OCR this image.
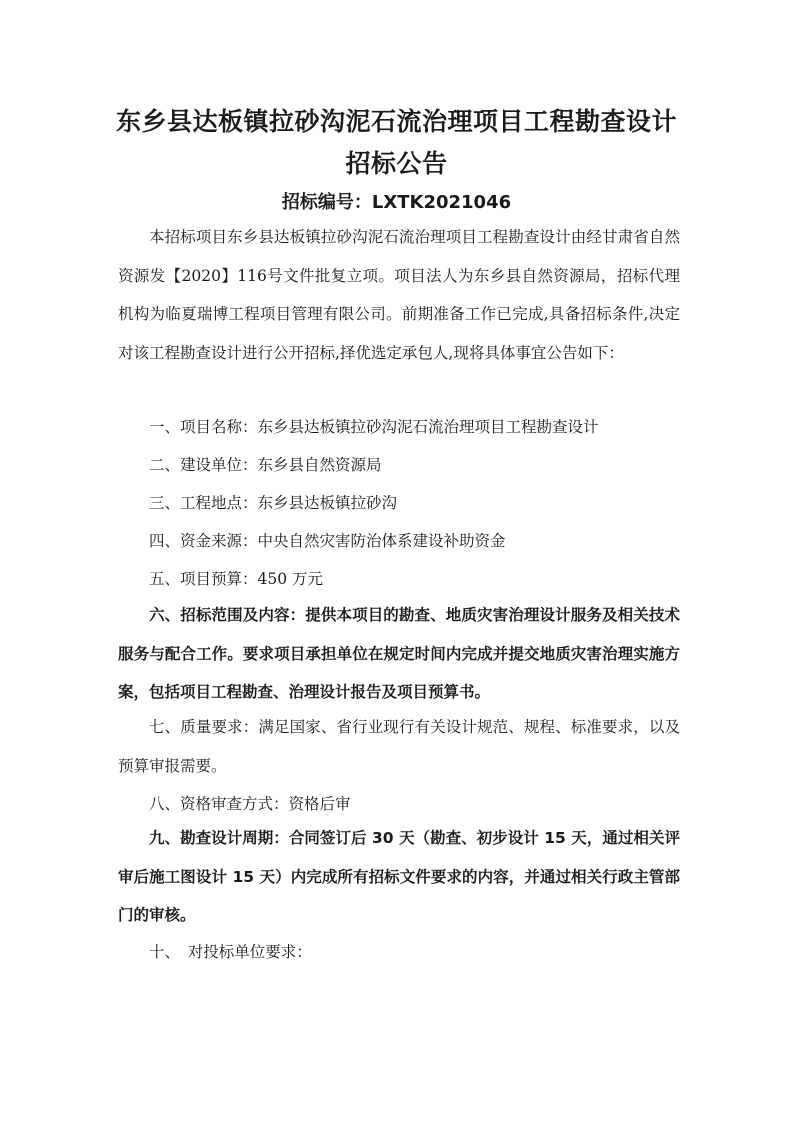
东乡县达板镇拉砂沟泥石流治理项目工程勘查设计
招标公告
招标编号：LXTK2021046

本招标项目东乡县达板镇拉砂沟泥石流治理项目工程勘查设计由经甘肃省自然资源发【2020】116号文件批复立项。项目法人为东乡县自然资源局，招标代理机构为临夏瑞博工程项目管理有限公司。前期准备工作已完成,具备招标条件,决定对该工程勘查设计进行公开招标,择优选定承包人,现将具体事宜公告如下：

一、项目名称：东乡县达板镇拉砂沟泥石流治理项目工程勘查设计

二、建设单位：东乡县自然资源局

三、工程地点：东乡县达板镇拉砂沟

四、资金来源：中央自然灾害防治体系建设补助资金

五、项目预算：450 万元

六、招标范围及内容：提供本项目的勘查、地质灾害治理设计服务及相关技术服务与配合工作。要求项目承担单位在规定时间内完成并提交地质灾害治理实施方案，包括项目工程勘查、治理设计报告及项目预算书。

七、质量要求：满足国家、省行业现行有关设计规范、规程、标准要求，以及预算审报需要。

八、资格审查方式：资格后审

九、勘查设计周期：合同签订后 30 天（勘查、初步设计 15 天，通过相关评审后施工图设计 15 天）内完成所有招标文件要求的内容，并通过相关行政主管部门的审核。

十、　对投标单位要求：
